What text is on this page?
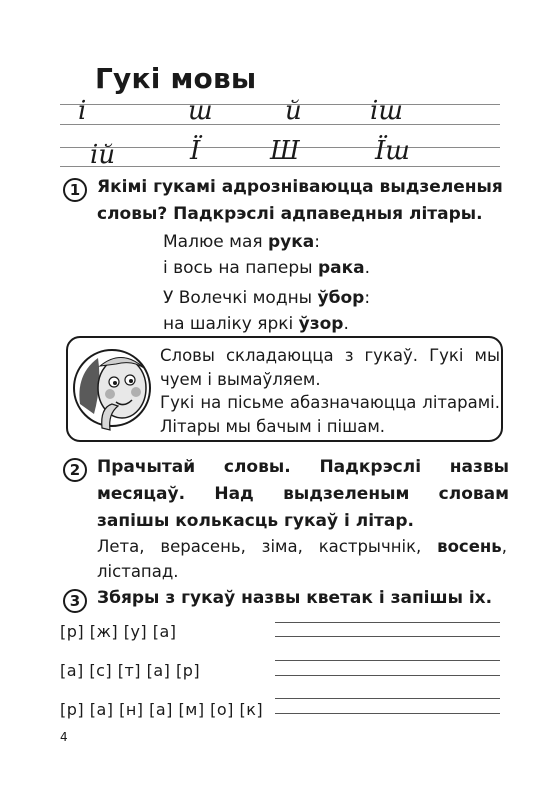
Гукі мовы
і	ш	й	іш
ій	Ї	Ш	Їш
1 Якімі гукамі адрозніваюцца выдзеленыя словы? Падкрэслі адпаведныя літары.
Малюе мая рука:
і вось на паперы рака.
У Волечкі модны ўбор:
на шаліку яркі ўзор.
Словы складаюцца з гукаў. Гукі мы чуем і вымаўляем.
Гукі на пісьме абазначаюцца літарамі. Літары мы бачым і пішам.
2 Прачытай словы. Падкрэслі назвы месяцаў. Над выдзеленым словам запішы колькасць гукаў і літар.
Лета, верасень, зіма, кастрычнік, восень, лістапад.
3 Збяры з гукаў назвы кветак і запішы іх.
[р] [ж] [у] [а]
[а] [с] [т] [а] [р]
[р] [а] [н] [а] [м] [о] [к]
4
